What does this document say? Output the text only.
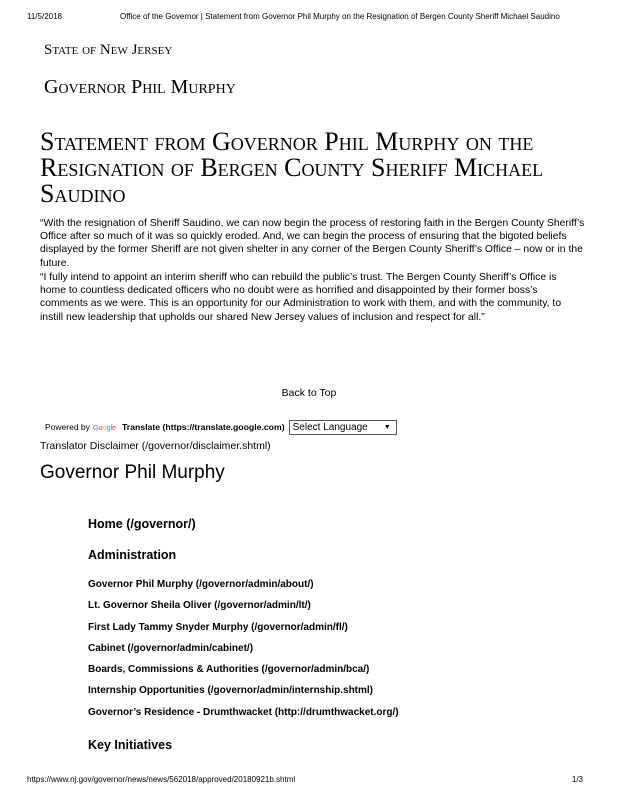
11/5/2018	Office of the Governor | Statement from Governor Phil Murphy on the Resignation of Bergen County Sheriff Michael Saudino
State of New Jersey
Governor Phil Murphy
Statement from Governor Phil Murphy on the Resignation of Bergen County Sheriff Michael Saudino

“With the resignation of Sheriff Saudino, we can now begin the process of restoring faith in the Bergen County Sheriff’s Office after so much of it was so quickly eroded. And, we can begin the process of ensuring that the bigoted beliefs displayed by the former Sheriff are not given shelter in any corner of the Bergen County Sheriff’s Office – now or in the future.

“I fully intend to appoint an interim sheriff who can rebuild the public’s trust. The Bergen County Sheriff’s Office is home to countless dedicated officers who no doubt were as horrified and disappointed by their former boss’s comments as we were. This is an opportunity for our Administration to work with them, and with the community, to instill new leadership that upholds our shared New Jersey values of inclusion and respect for all.”

Back to Top
Powered by Google Translate (https://translate.google.com) Select Language ▼
Translator Disclaimer (/governor/disclaimer.shtml)
Governor Phil Murphy
Home (/governor/)
Administration
Governor Phil Murphy (/governor/admin/about/)
Lt. Governor Sheila Oliver (/governor/admin/lt/)
First Lady Tammy Snyder Murphy (/governor/admin/fl/)
Cabinet (/governor/admin/cabinet/)
Boards, Commissions & Authorities (/governor/admin/bca/)
Internship Opportunities (/governor/admin/internship.shtml)
Governor’s Residence - Drumthwacket (http://drumthwacket.org/)
Key Initiatives
https://www.nj.gov/governor/news/news/562018/approved/20180921b.shtml	1/3
